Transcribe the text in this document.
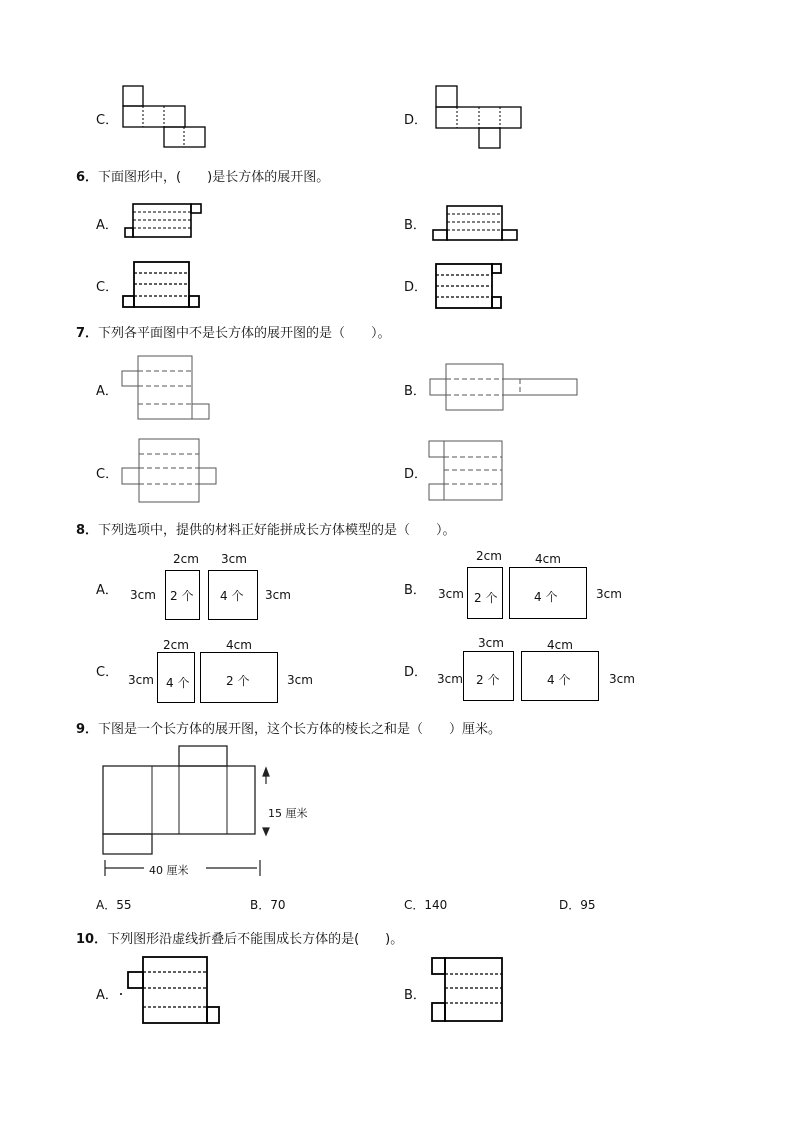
C．	D．
6．下面图形中，(　　)是长方体的展开图。
A．	B．
C．	D．
7．下列各平面图中不是长方体的展开图的是（　　）。
A．	B．
C．	D．
8．下列选项中，提供的材料正好能拼成长方体模型的是（　　）。
A．
2cm 3cm
3cm	3cm
2 个 4 个	B．
2cm	4cm
3cm	3cm
2 个	4 个
C．
2cm	4cm
3cm	3cm
4 个	2 个
D．
3cm	4cm
3cm	3cm
2 个	4 个
9．下图是一个长方体的展开图，这个长方体的棱长之和是（　　）厘米。
15 厘米
40 厘米
A．55	B．70	C．140	D．95
10．下列图形沿虚线折叠后不能围成长方体的是(　　)。
A．	B．
